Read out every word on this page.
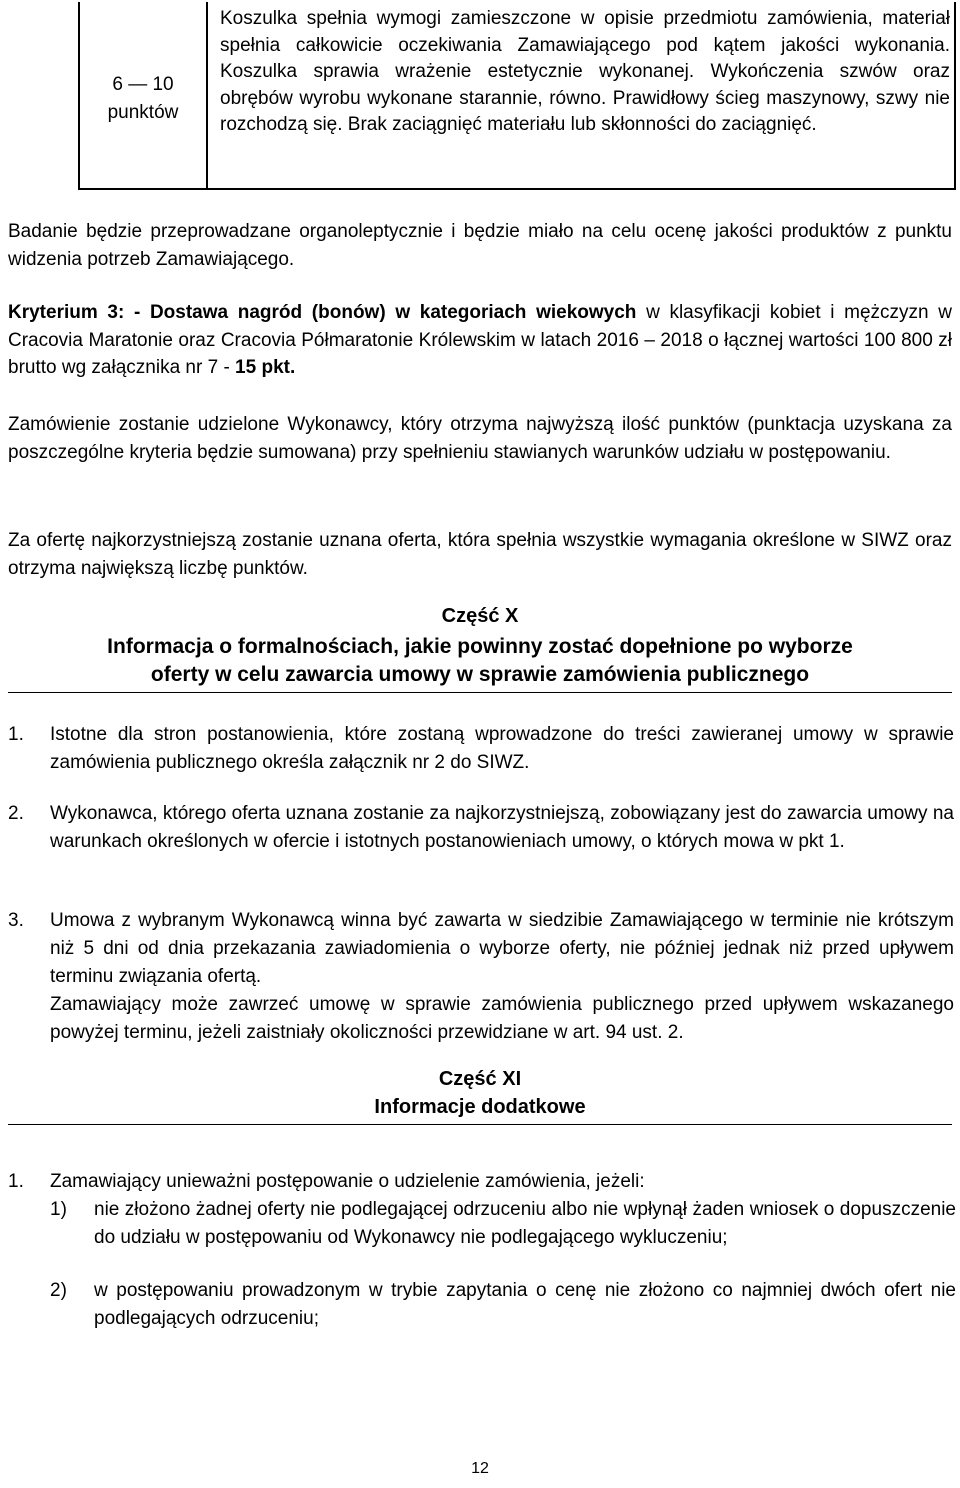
6 — 10
punktów
Koszulka spełnia wymogi zamieszczone w opisie przedmiotu zamówienia, materiał spełnia całkowicie oczekiwania Zamawiającego pod kątem jakości wykonania. Koszulka sprawia wrażenie estetycznie wykonanej. Wykończenia szwów oraz obrębów wyrobu wykonane starannie, równo. Prawidłowy ścieg maszynowy, szwy nie rozchodzą się. Brak zaciągnięć materiału lub skłonności do zaciągnięć.
Badanie będzie przeprowadzane organoleptycznie i będzie miało na celu ocenę jakości produktów z punktu widzenia potrzeb Zamawiającego.
Kryterium 3: - Dostawa nagród (bonów) w kategoriach wiekowych w klasyfikacji kobiet i mężczyzn w Cracovia Maratonie oraz Cracovia Półmaratonie Królewskim w latach 2016 – 2018 o łącznej wartości 100 800 zł brutto wg załącznika nr 7 - 15 pkt.
Zamówienie zostanie udzielone Wykonawcy, który otrzyma najwyższą ilość punktów (punktacja uzyskana za poszczególne kryteria będzie sumowana) przy spełnieniu stawianych warunków udziału w postępowaniu.
Za ofertę najkorzystniejszą zostanie uznana oferta, która spełnia wszystkie wymagania określone w SIWZ oraz otrzyma największą liczbę punktów.
Część X
Informacja o formalnościach, jakie powinny zostać dopełnione po wyborze
oferty w celu zawarcia umowy w sprawie zamówienia publicznego
1. Istotne dla stron postanowienia, które zostaną wprowadzone do treści zawieranej umowy w sprawie zamówienia publicznego określa załącznik nr 2 do SIWZ.
2. Wykonawca, którego oferta uznana zostanie za najkorzystniejszą, zobowiązany jest do zawarcia umowy na warunkach określonych w ofercie i istotnych postanowieniach umowy, o których mowa w pkt 1.
3. Umowa z wybranym Wykonawcą winna być zawarta w siedzibie Zamawiającego w terminie nie krótszym niż 5 dni od dnia przekazania zawiadomienia o wyborze oferty, nie później jednak niż przed upływem terminu związania ofertą.
Zamawiający może zawrzeć umowę w sprawie zamówienia publicznego przed upływem wskazanego powyżej terminu, jeżeli zaistniały okoliczności przewidziane w art. 94 ust. 2.
Część XI
Informacje dodatkowe
1. Zamawiający unieważni postępowanie o udzielenie zamówienia, jeżeli:
1) nie złożono żadnej oferty nie podlegającej odrzuceniu albo nie wpłynął żaden wniosek o dopuszczenie do udziału w postępowaniu od Wykonawcy nie podlegającego wykluczeniu;
2) w postępowaniu prowadzonym w trybie zapytania o cenę nie złożono co najmniej dwóch ofert nie podlegających odrzuceniu;
12
